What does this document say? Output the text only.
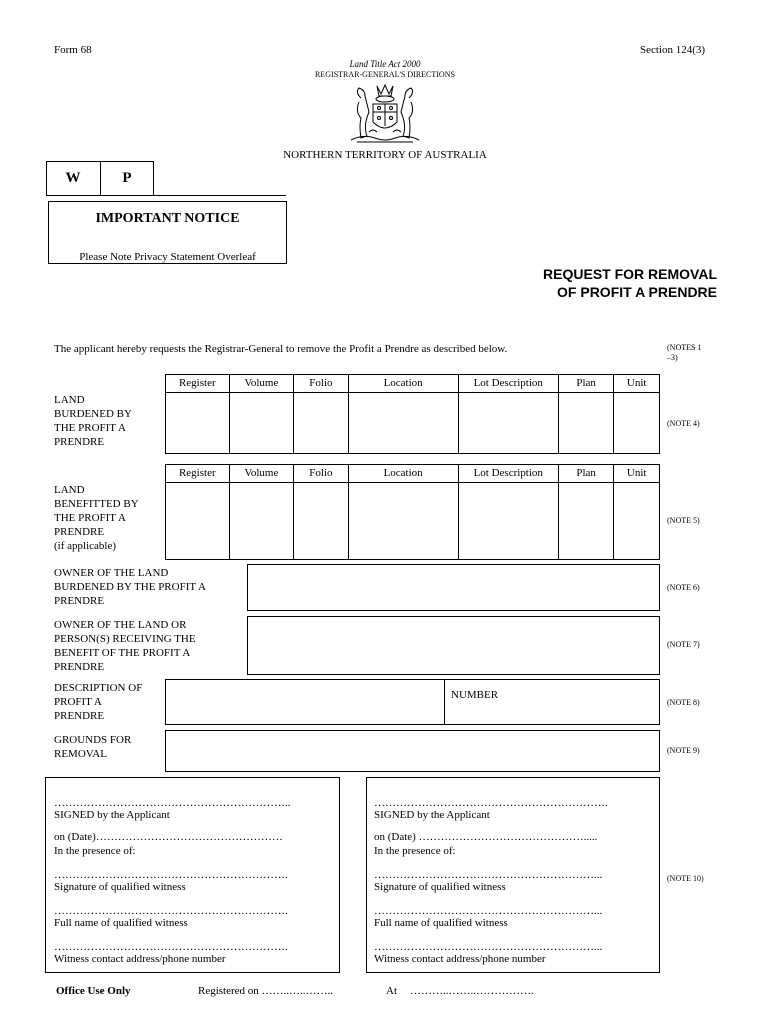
Form 68	Section 124(3)
Land Title Act 2000
REGISTRAR-GENERAL'S DIRECTIONS
NORTHERN TERRITORY OF AUSTRALIA
W	P
IMPORTANT NOTICE
Please Note Privacy Statement Overleaf
REQUEST FOR REMOVAL
OF PROFIT A PRENDRE
The applicant hereby requests the Registrar-General to remove the Profit a Prendre as described below.	(NOTES 1
–3)
LAND
BURDENED BY
THE PROFIT A
PRENDRE
Register	Volume	Folio	Location	Lot Description	Plan	Unit

(NOTE 4)
LAND
BENEFITTED BY
THE PROFIT A
PRENDRE
(if applicable)
Register	Volume	Folio	Location	Lot Description	Plan	Unit

(NOTE 5)
OWNER OF THE LAND
BURDENED BY THE PROFIT A
PRENDRE
(NOTE 6)
OWNER OF THE LAND OR
PERSON(S) RECEIVING THE
BENEFIT OF THE PROFIT A
PRENDRE
(NOTE 7)
DESCRIPTION OF
PROFIT A
PRENDRE
NUMBER
(NOTE 8)
GROUNDS FOR
REMOVAL	(NOTE 9)
………………………………………………………..
SIGNED by the Applicant
on (Date)……………………………………………
In the presence of:
……………………………………………………….
Signature of qualified witness
……………………………………………………….
Full name of qualified witness
……………………………………………………….
Witness contact address/phone number
……………………………………………………….
SIGNED by the Applicant
on (Date) ……………………………………….....
In the presence of:
……………………………………………………...
Signature of qualified witness
……………………………………………………...
Full name of qualified witness
……………………………………………………...
Witness contact address/phone number
(NOTE 10)
Office Use Only	Registered on ……..…..……..	At ………..……..…………….
